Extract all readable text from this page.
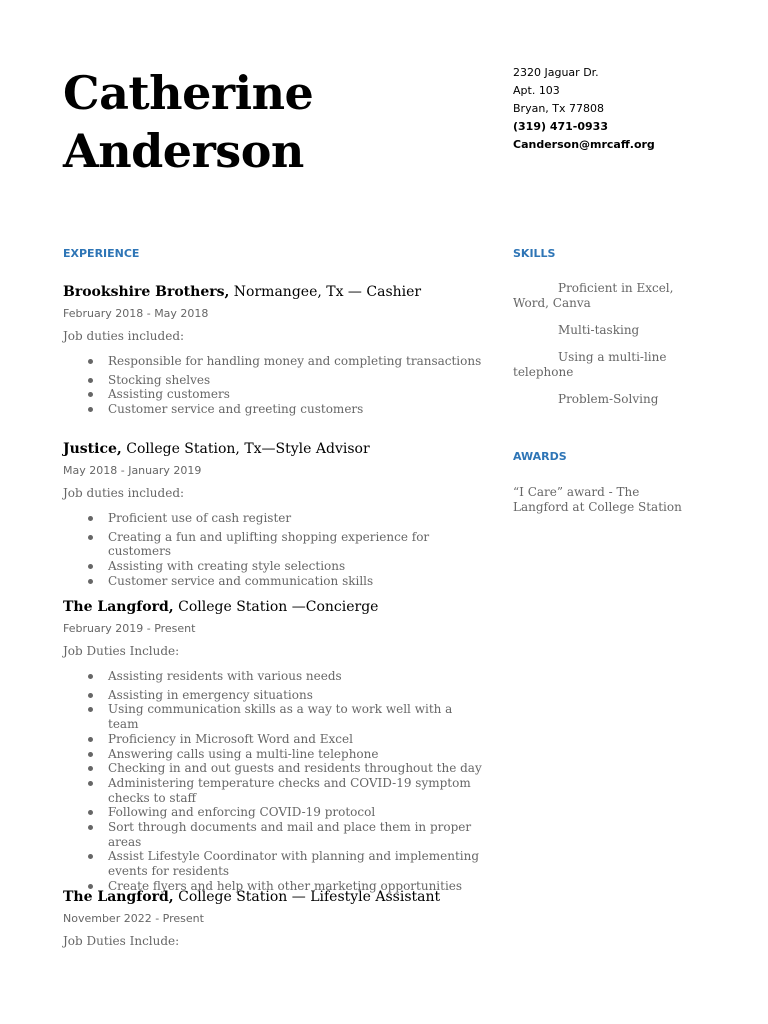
Catherine
Anderson
2320 Jaguar Dr.
Apt. 103
Bryan, Tx 77808
(319) 471-0933
Canderson@mrcaff.org
EXPERIENCE
Brookshire Brothers, Normangee, Tx — Cashier
February 2018 - May 2018
Job duties included:
Responsible for handling money and completing transactions
Stocking shelves
Assisting customers
Customer service and greeting customers
Justice, College Station, Tx—Style Advisor
May 2018 - January 2019
Job duties included:
Proficient use of cash register
Creating a fun and uplifting shopping experience for customers
Assisting with creating style selections
Customer service and communication skills
The Langford, College Station —Concierge
February 2019 - Present
Job Duties Include:
Assisting residents with various needs
Assisting in emergency situations
Using communication skills as a way to work well with a team
Proficiency in Microsoft Word and Excel
Answering calls using a multi-line telephone
Checking in and out guests and residents throughout the day
Administering temperature checks and COVID-19 symptom checks to staff
Following and enforcing COVID-19 protocol
Sort through documents and mail and place them in proper areas
Assist Lifestyle Coordinator with planning and implementing events for residents
Create flyers and help with other marketing opportunities
The Langford, College Station — Lifestyle Assistant
November 2022 - Present
Job Duties Include:
SKILLS
Proficient in Excel, Word, Canva
Multi-tasking
Using a multi-line telephone
Problem-Solving
AWARDS
“I Care” award - The Langford at College Station
